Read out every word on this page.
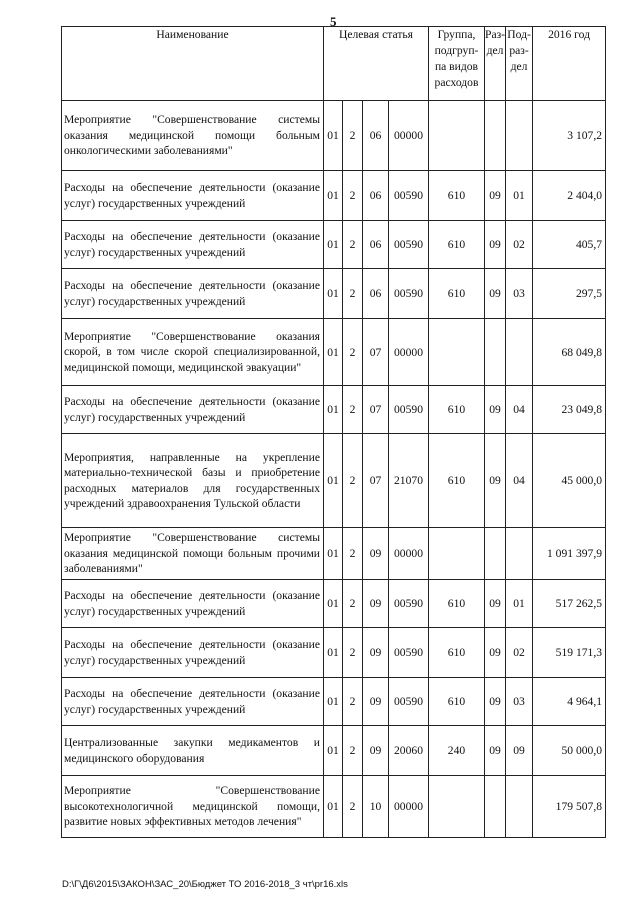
5
Наименование	Целевая статья				Группа, подгруп-па видов расходов	Раз-дел	Под-раз-дел	2016 год
Мероприятие "Совершенствование системы оказания медицинской помощи больным онкологическими заболеваниями"	01	2	06	00000				3 107,2
Расходы на обеспечение деятельности (оказание услуг) государственных учреждений	01	2	06	00590	610	09	01	2 404,0
Расходы на обеспечение деятельности (оказание услуг) государственных учреждений	01	2	06	00590	610	09	02	405,7
Расходы на обеспечение деятельности (оказание услуг) государственных учреждений	01	2	06	00590	610	09	03	297,5
Мероприятие "Совершенствование оказания скорой, в том числе скорой специализированной, медицинской помощи, медицинской эвакуации"	01	2	07	00000				68 049,8
Расходы на обеспечение деятельности (оказание услуг) государственных учреждений	01	2	07	00590	610	09	04	23 049,8
Мероприятия, направленные на укрепление материально-технической базы и приобретение расходных материалов для государственных учреждений здравоохранения Тульской области	01	2	07	21070	610	09	04	45 000,0
Мероприятие "Совершенствование системы оказания медицинской помощи больным прочими заболеваниями"	01	2	09	00000				1 091 397,9
Расходы на обеспечение деятельности (оказание услуг) государственных учреждений	01	2	09	00590	610	09	01	517 262,5
Расходы на обеспечение деятельности (оказание услуг) государственных учреждений	01	2	09	00590	610	09	02	519 171,3
Расходы на обеспечение деятельности (оказание услуг) государственных учреждений	01	2	09	00590	610	09	03	4 964,1
Централизованные закупки медикаментов и медицинского оборудования	01	2	09	20060	240	09	09	50 000,0
Мероприятие "Совершенствование высокотехнологичной медицинской помощи, развитие новых эффективных методов лечения"	01	2	10	00000				179 507,8
D:\Г\Д6\2015\ЗАКОН\ЗАС_20\Бюджет ТО 2016-2018_3 чт\pr16.xls
